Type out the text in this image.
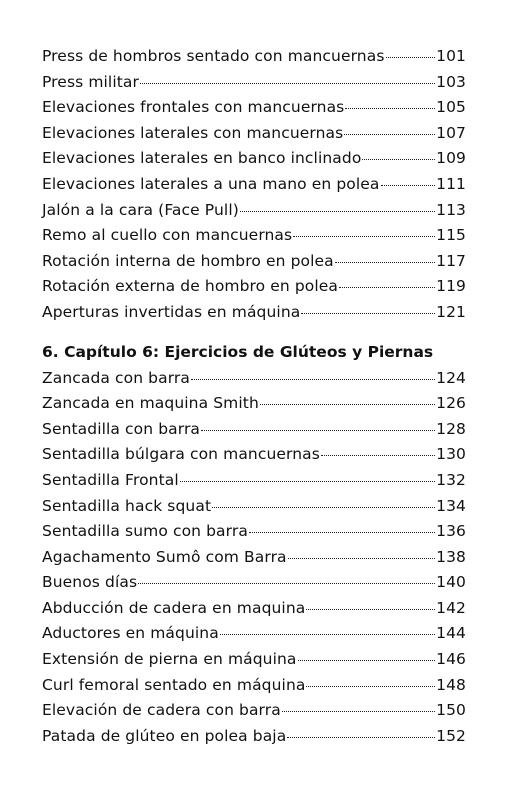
Press de hombros sentado con mancuernas	101
Press militar	103
Elevaciones frontales con mancuernas	105
Elevaciones laterales con mancuernas	107
Elevaciones laterales en banco inclinado	109
Elevaciones laterales a una mano en polea	111
Jalón a la cara (Face Pull)	113
Remo al cuello con mancuernas	115
Rotación interna de hombro en polea	117
Rotación externa de hombro en polea	119
Aperturas invertidas en máquina	121
6. Capítulo 6: Ejercicios de Glúteos y Piernas
Zancada con barra	124
Zancada en maquina Smith	126
Sentadilla con barra	128
Sentadilla búlgara con mancuernas	130
Sentadilla Frontal	132
Sentadilla hack squat	134
Sentadilla sumo con barra	136
Agachamento Sumô com Barra	138
Buenos días	140
Abducción de cadera en maquina	142
Aductores en máquina	144
Extensión de pierna en máquina	146
Curl femoral sentado en máquina	148
Elevación de cadera con barra	150
Patada de glúteo en polea baja	152
